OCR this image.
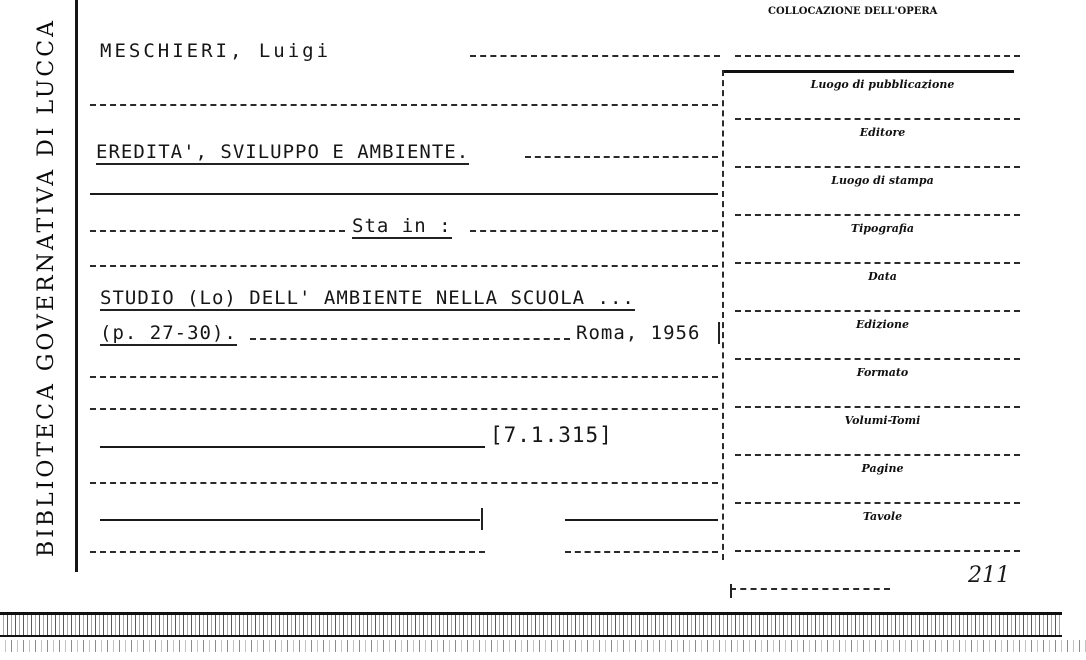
BIBLIOTECA GOVERNATIVA DI LUCCA
COLLOCAZIONE DELL'OPERA
MESCHIERI, Luigi
EREDITA', SVILUPPO E AMBIENTE.
Sta in :
STUDIO (Lo) DELL' AMBIENTE NELLA SCUOLA ...
(p. 27-30).	Roma, 1956
[7.1.315]
Luogo di pubblicazione
Editore
Luogo di stampa
Tipografia
Data
Edizione
Formato
Volumi-Tomi
Pagine
Tavole
211
